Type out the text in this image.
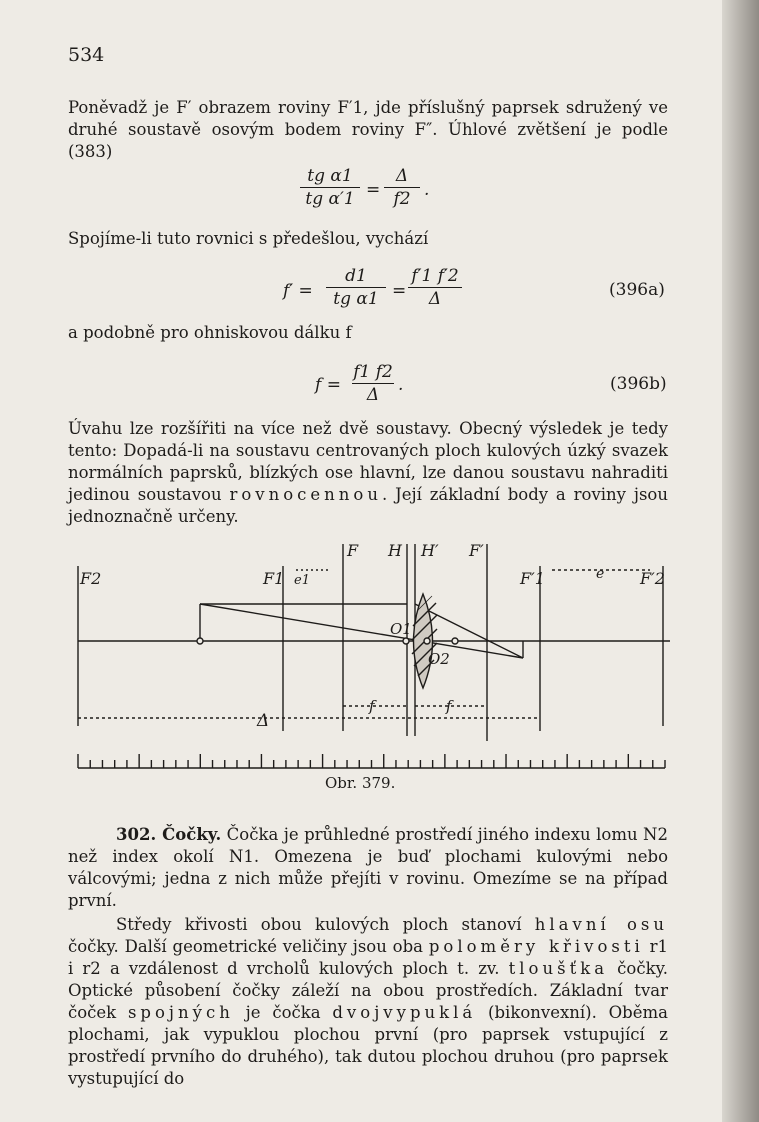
534
Poněvadž je F′ obrazem roviny F′1, jde příslušný paprsek sdružený ve druhé soustavě osovým bodem roviny F″. Úhlové zvětšení je podle (383)
tg α1
tg α′1 =
Δ
f2 .
Spojíme-li tuto rovnici s předešlou, vychází
f′ =
d1
tg α1 =
f′1 f′2
Δ	(396a)
a podobně pro ohniskovou dálku f
f =
f1 f2
Δ	.	(396b)
Úvahu lze rozšířiti na více než dvě soustavy. Obecný výsledek je tedy tento: Dopadá-li na soustavu centrovaných ploch kulových úzký svazek normálních paprsků, blízkých ose hlavní, lze danou soustavu nahraditi jedinou soustavou rovnocennou. Její základní body a roviny jsou jednoznačně určeny.
F2	F1 e1
F H H′ F′
F′1	e F′2
O1
O2
f	f
Δ
Obr. 379.
302. Čočky. Čočka je průhledné prostředí jiného indexu lomu N2 než index okolí N1. Omezena je buď plochami kulovými nebo válcovými; jedna z nich může přejíti v rovinu. Omezíme se na případ první.
Středy křivosti obou kulových ploch stanoví hlavní osu čočky. Další geometrické veličiny jsou oba poloměry křivosti r1 i r2 a vzdálenost d vrcholů kulových ploch t. zv. tloušťka čočky. Optické působení čočky záleží na obou prostředích. Základní tvar čoček spojných je čočka dvojvypuklá (bikonvexní). Oběma plochami, jak vypuklou plochou první (pro paprsek vstupující z prostředí prvního do druhého), tak dutou plochou druhou (pro paprsek vystupující do
